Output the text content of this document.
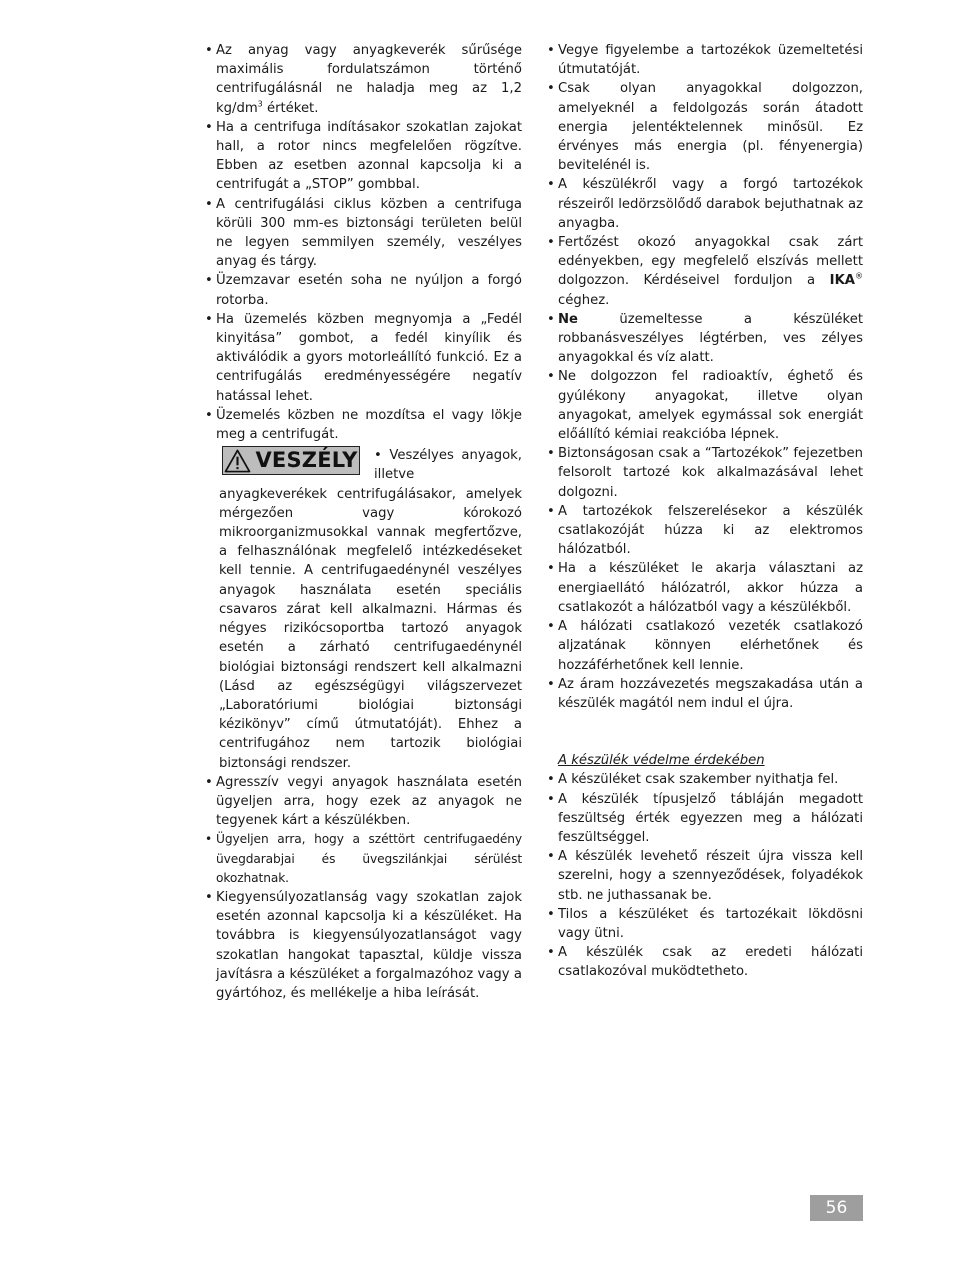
• Az anyag vagy anyagkeverék sűrűsége maximális fordulatszámon történő centrifugálásnál ne haladja meg az 1,2 $kg/dm^3$ értéket.
• Ha a centrifuga indításakor szokatlan zajokat hall, a rotor nincs megfelelően rögzítve. Ebben az esetben azonnal kapcsolja ki a centrifugát a „STOP” gombbal.
• A centrifugálási ciklus közben a centrifuga körüli 300 mm-es biztonsági területen belül ne legyen semmilyen személy, veszélyes anyag és tárgy.
• Üzemzavar esetén soha ne nyúljon a forgó rotorba.
• Ha üzemelés közben megnyomja a „Fedél kinyitása” gombot, a fedél kinyílik és aktiválódik a gyors motorleállító funkció. Ez a centrifugálás eredményességére negatív hatással lehet.
• Üzemelés közben ne mozdítsa el vagy lökje meg a centrifugát.
VESZÉLY • Veszélyes anyagok, illetve anyagkeverékek centrifugálásakor, amelyek mérgezően vagy kórokozó mikroorganizmusokkal vannak megfertőzve, a felhasználónak megfelelő intézkedéseket kell tennie. A centrifugaedénynél veszélyes anyagok használata esetén speciális csavaros zárat kell alkalmazni. Hármas és négyes rizikócsoportba tartozó anyagok esetén a zárható centrifugaedénynél biológiai biztonsági rendszert kell alkalmazni (Lásd az egészségügyi világszervezet „Laboratóriumi biológiai biztonsági kézikönyv” című útmutatóját). Ehhez a centrifugához nem tartozik biológiai biztonsági rendszer.
• Agresszív vegyi anyagok használata esetén ügyeljen arra, hogy ezek az anyagok ne tegyenek kárt a készülékben.
• Ügyeljen arra, hogy a széttört centrifugaedény üvegdarabjai és üvegszilánkjai sérülést okozhatnak.
• Kiegyensúlyozatlanság vagy szokatlan zajok esetén azonnal kapcsolja ki a készüléket. Ha továbbra is kiegyensúlyozatlanságot vagy szokatlan hangokat tapasztal, küldje vissza javításra a készüléket a forgalmazóhoz vagy a gyártóhoz, és mellékelje a hiba leírását.
• Vegye figyelembe a tartozékok üzemeltetési útmutatóját.
• Csak olyan anyagokkal dolgozzon, amelyeknél a feldolgozás során átadott energia jelentéktelennek minősül. Ez érvényes más energia (pl. fényenergia) bevitelénél is.
• A készülékről vagy a forgó tartozékok részeiről ledörzsölődő darabok bejuthatnak az anyagba.
• Fertőzést okozó anyagokkal csak zárt edényekben, egy megfelelő elszívás mellett dolgozzon. Kérdéseivel forduljon a IKA® céghez.
• Ne üzemeltesse a készüléket robbanásveszélyes légtérben, ves zélyes anyagokkal és víz alatt.
• Ne dolgozzon fel radioaktív, éghető és gyúlékony anyagokat, illetve olyan anyagokat, amelyek egymással sok energiát előállító kémiai reakcióba lépnek.
• Biztonságosan csak a “Tartozékok” fejezetben felsorolt tartozé kok alkalmazásával lehet dolgozni.
• A tartozékok felszerelésekor a készülék csatlakozóját húzza ki az elektromos hálózatból.
• Ha a készüléket le akarja választani az energiaellátó hálózatról, akkor húzza a csatlakozót a hálózatból vagy a készülékből.
• A hálózati csatlakozó vezeték csatlakozó aljzatának könnyen elérhetőnek és hozzáférhetőnek kell lennie.
• Az áram hozzávezetés megszakadása után a készülék magától nem indul el újra.
A készülék védelme érdekében
• A készüléket csak szakember nyithatja fel.
• A készülék típusjelző tábláján megadott feszültség érték egyezzen meg a hálózati feszültséggel.
• A készülék levehető részeit újra vissza kell szerelni, hogy a szennyeződések, folyadékok stb. ne juthassanak be.
• Tilos a készüléket és tartozékait lökdösni vagy ütni.
• A készülék csak az eredeti hálózati csatlakozóval muködtetheto.
56
